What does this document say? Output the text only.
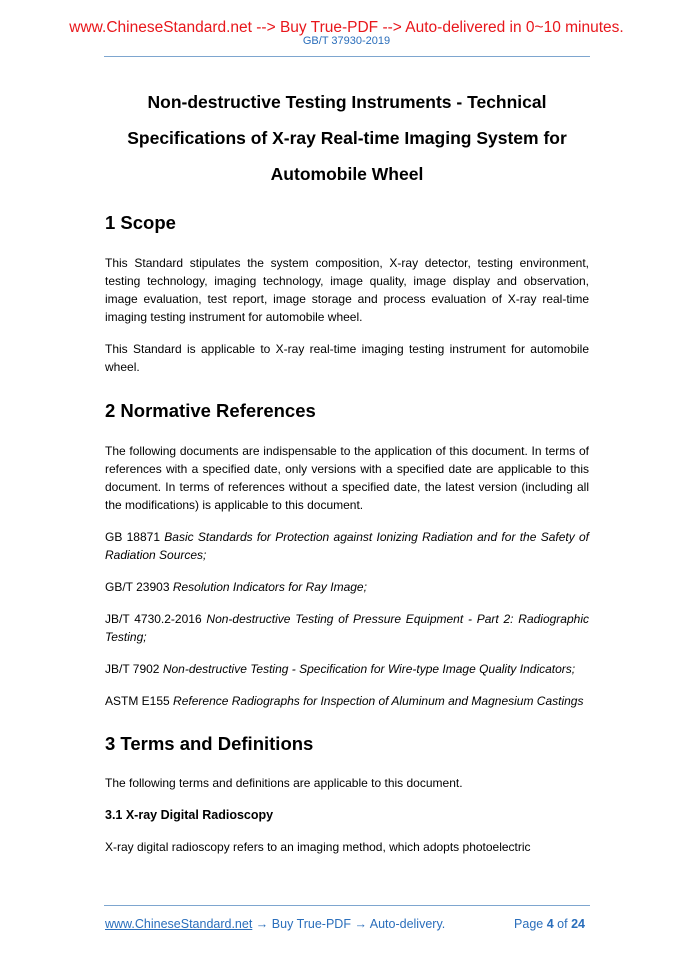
www.ChineseStandard.net --> Buy True-PDF --> Auto-delivered in 0~10 minutes.
GB/T 37930-2019
Non-destructive Testing Instruments - Technical
Specifications of X-ray Real-time Imaging System for
Automobile Wheel
1 Scope

This Standard stipulates the system composition, X-ray detector, testing environment, testing technology, imaging technology, image quality, image display and observation, image evaluation, test report, image storage and process evaluation of X-ray real-time imaging testing instrument for automobile wheel.

This Standard is applicable to X-ray real-time imaging testing instrument for automobile wheel.

2 Normative References

The following documents are indispensable to the application of this document. In terms of references with a specified date, only versions with a specified date are applicable to this document. In terms of references without a specified date, the latest version (including all the modifications) is applicable to this document.

GB 18871 Basic Standards for Protection against Ionizing Radiation and for the Safety of Radiation Sources;

GB/T 23903 Resolution Indicators for Ray Image;

JB/T 4730.2-2016 Non-destructive Testing of Pressure Equipment - Part 2: Radiographic Testing;

JB/T 7902 Non-destructive Testing - Specification for Wire-type Image Quality Indicators;

ASTM E155 Reference Radiographs for Inspection of Aluminum and Magnesium Castings

3 Terms and Definitions

The following terms and definitions are applicable to this document.

3.1 X-ray Digital Radioscopy

X-ray digital radioscopy refers to an imaging method, which adopts photoelectric

www.ChineseStandard.net → Buy True-PDF → Auto-delivery.	Page 4 of 24
